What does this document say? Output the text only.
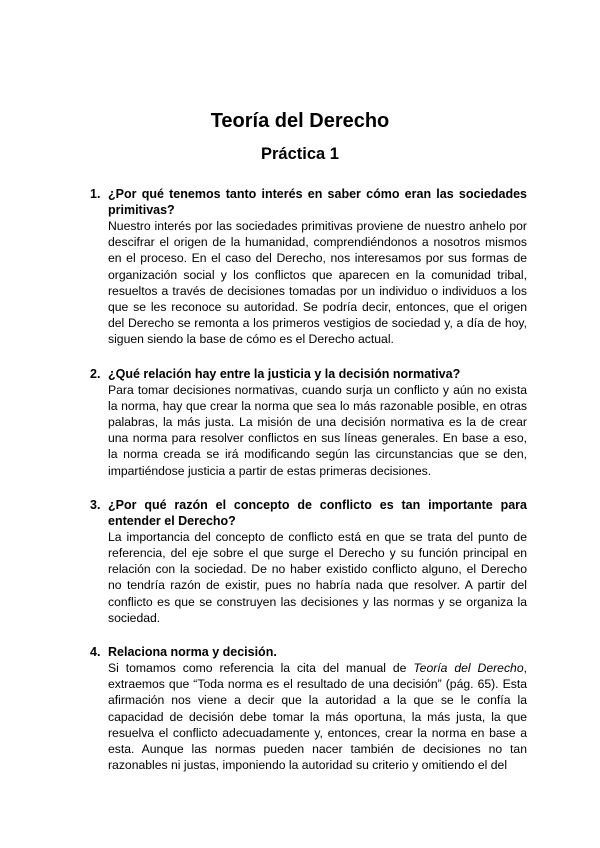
Teoría del Derecho
Práctica 1
1. ¿Por qué tenemos tanto interés en saber cómo eran las sociedades primitivas?
Nuestro interés por las sociedades primitivas proviene de nuestro anhelo por descifrar el origen de la humanidad, comprendiéndonos a nosotros mismos en el proceso. En el caso del Derecho, nos interesamos por sus formas de organización social y los conflictos que aparecen en la comunidad tribal, resueltos a través de decisiones tomadas por un individuo o individuos a los que se les reconoce su autoridad. Se podría decir, entonces, que el origen del Derecho se remonta a los primeros vestigios de sociedad y, a día de hoy, siguen siendo la base de cómo es el Derecho actual.
2. ¿Qué relación hay entre la justicia y la decisión normativa?
Para tomar decisiones normativas, cuando surja un conflicto y aún no exista la norma, hay que crear la norma que sea lo más razonable posible, en otras palabras, la más justa. La misión de una decisión normativa es la de crear una norma para resolver conflictos en sus líneas generales. En base a eso, la norma creada se irá modificando según las circunstancias que se den, impartiéndose justicia a partir de estas primeras decisiones.
3. ¿Por qué razón el concepto de conflicto es tan importante para entender el Derecho?
La importancia del concepto de conflicto está en que se trata del punto de referencia, del eje sobre el que surge el Derecho y su función principal en relación con la sociedad. De no haber existido conflicto alguno, el Derecho no tendría razón de existir, pues no habría nada que resolver. A partir del conflicto es que se construyen las decisiones y las normas y se organiza la sociedad.
4. Relaciona norma y decisión.
Si tomamos como referencia la cita del manual de Teoría del Derecho, extraemos que “Toda norma es el resultado de una decisión” (pág. 65). Esta afirmación nos viene a decir que la autoridad a la que se le confía la capacidad de decisión debe tomar la más oportuna, la más justa, la que resuelva el conflicto adecuadamente y, entonces, crear la norma en base a esta. Aunque las normas pueden nacer también de decisiones no tan razonables ni justas, imponiendo la autoridad su criterio y omitiendo el del
